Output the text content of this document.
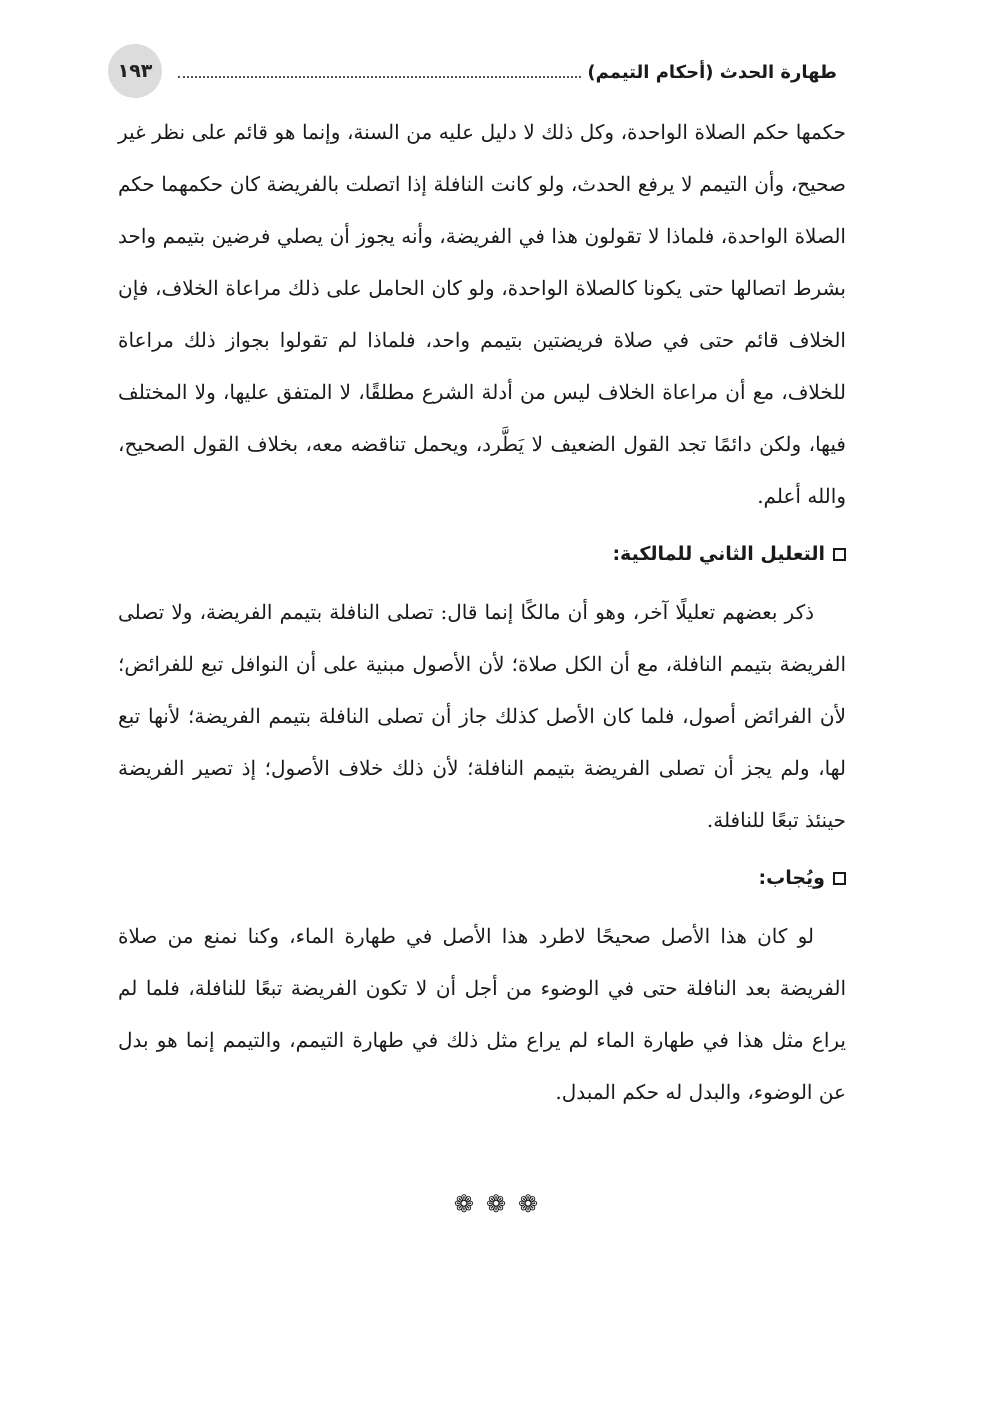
١٩٣	طهارة الحدث (أحكام التيمم)

حكمها حكم الصلاة الواحدة، وكل ذلك لا دليل عليه من السنة، وإنما هو قائم على نظر غير صحيح، وأن التيمم لا يرفع الحدث، ولو كانت النافلة إذا اتصلت بالفريضة كان حكمهما حكم الصلاة الواحدة، فلماذا لا تقولون هذا في الفريضة، وأنه يجوز أن يصلي فرضين بتيمم واحد بشرط اتصالها حتى يكونا كالصلاة الواحدة، ولو كان الحامل على ذلك مراعاة الخلاف، فإن الخلاف قائم حتى في صلاة فريضتين بتيمم واحد، فلماذا لم تقولوا بجواز ذلك مراعاة للخلاف، مع أن مراعاة الخلاف ليس من أدلة الشرع مطلقًا، لا المتفق عليها، ولا المختلف فيها، ولكن دائمًا تجد القول الضعيف لا يَطَّرد، ويحمل تناقضه معه، بخلاف القول الصحيح، والله أعلم.

التعليل الثاني للمالكية:

ذكر بعضهم تعليلًا آخر، وهو أن مالكًا إنما قال: تصلى النافلة بتيمم الفريضة، ولا تصلى الفريضة بتيمم النافلة، مع أن الكل صلاة؛ لأن الأصول مبنية على أن النوافل تبع للفرائض؛ لأن الفرائض أصول، فلما كان الأصل كذلك جاز أن تصلى النافلة بتيمم الفريضة؛ لأنها تبع لها، ولم يجز أن تصلى الفريضة بتيمم النافلة؛ لأن ذلك خلاف الأصول؛ إذ تصير الفريضة حينئذ تبعًا للنافلة.

ويُجاب:

لو كان هذا الأصل صحيحًا لاطرد هذا الأصل في طهارة الماء، وكنا نمنع من صلاة الفريضة بعد النافلة حتى في الوضوء من أجل أن لا تكون الفريضة تبعًا للنافلة، فلما لم يراع مثل هذا في طهارة الماء لم يراع مثل ذلك في طهارة التيمم، والتيمم إنما هو بدل عن الوضوء، والبدل له حكم المبدل.

❁❁❁
